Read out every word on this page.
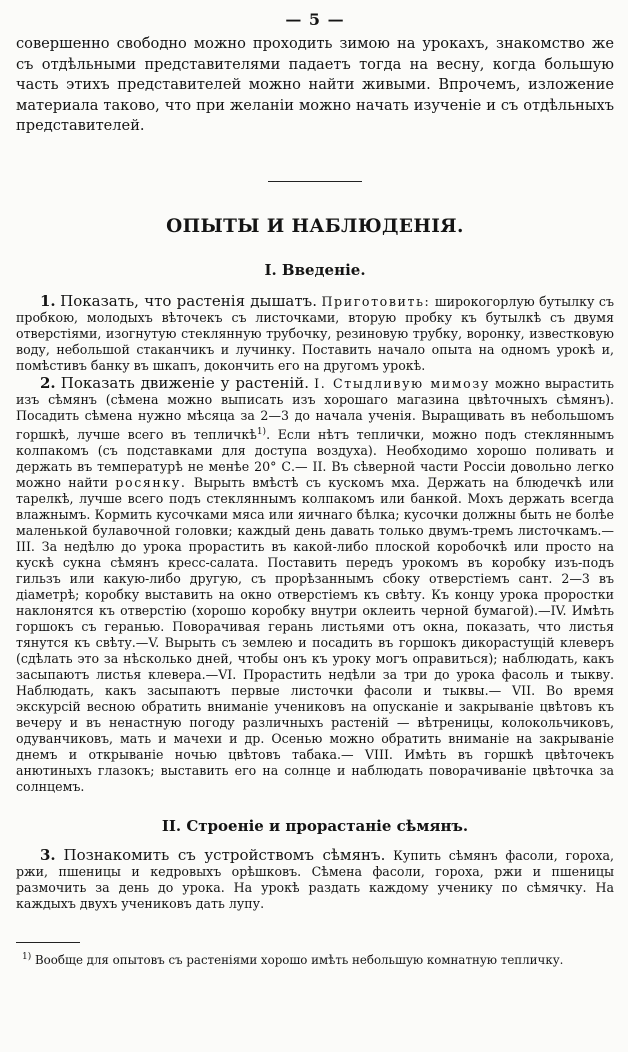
— 5 —

совершенно свободно можно проходить зимою на урокахъ, знакомство же съ отдѣльными представителями падаетъ тогда на весну, когда большую часть этихъ представителей можно найти живыми. Впрочемъ, изложение материала таково, что при желаніи можно начать изученіе и съ отдѣльныхъ представителей.

ОПЫТЫ И НАБЛЮДЕНІЯ.
I. Введеніе.

1. Показать, что растенія дышатъ. Приготовить: широкогорлую бутылку съ пробкою, молодыхъ вѣточекъ съ листочками, вторую пробку къ бутылкѣ съ двумя отверстіями, изогнутую стеклянную трубочку, резиновую трубку, воронку, известковую воду, небольшой стаканчикъ и лучинку. Поставить начало опыта на одномъ урокѣ и, помѣстивъ банку въ шкапъ, докончить его на другомъ урокѣ.

2. Показать движеніе у растеній. I. Стыдливую мимозу можно вырастить изъ сѣмянъ (сѣмена можно выписать изъ хорошаго магазина цвѣточныхъ сѣмянъ). Посадить сѣмена нужно мѣсяца за 2—3 до начала ученія. Выращивать въ небольшомъ горшкѣ, лучше всего въ тепличкѣ$^{1)}$. Если нѣтъ теплички, можно подъ стекляннымъ колпакомъ (съ подставками для доступа воздуха). Необходимо хорошо поливать и держать въ температурѣ не менѣе 20° С.— II. Въ сѣверной части Россіи довольно легко можно найти росянку. Вырыть вмѣстѣ съ кускомъ мха. Держать на блюдечкѣ или тарелкѣ, лучше всего подъ стекляннымъ колпакомъ или банкой. Мохъ держать всегда влажнымъ. Кормить кусочками мяса или яичнаго бѣлка; кусочки должны быть не болѣе маленькой булавочной головки; каждый день давать только двумъ-тремъ листочкамъ.— III. За недѣлю до урока прорастить въ какой-либо плоской коробочкѣ или просто на кускѣ сукна сѣмянъ кресс-салата. Поставить передъ урокомъ въ коробку изъ-подъ гильзъ или какую-либо другую, съ прорѣзаннымъ сбоку отверстіемъ сант. 2—3 въ діаметрѣ; коробку выставить на окно отверстіемъ къ свѣту. Къ концу урока проростки наклонятся къ отверстію (хорошо коробку внутри оклеить черной бумагой).—IV. Имѣть горшокъ съ геранью. Поворачивая герань листьями отъ окна, показать, что листья тянутся къ свѣту.—V. Вырыть съ землею и посадить въ горшокъ дикорастущій клеверъ (сдѣлать это за нѣсколько дней, чтобы онъ къ уроку могъ оправиться); наблюдать, какъ засыпаютъ листья клевера.—VI. Прорастить недѣли за три до урока фасоль и тыкву. Наблюдать, какъ засыпаютъ первые листочки фасоли и тыквы.— VII. Во время экскурсій весною обратить вниманіе учениковъ на опусканіе и закрываніе цвѣтовъ къ вечеру и въ ненастную погоду различныхъ растеній — вѣтреницы, колокольчиковъ, одуванчиковъ, мать и мачехи и др. Осенью можно обратить вниманіе на закрываніе днемъ и открываніе ночью цвѣтовъ табака.— VIII. Имѣть въ горшкѣ цвѣточекъ анютиныхъ глазокъ; выставить его на солнце и наблюдать поворачиваніе цвѣточка за солнцемъ.

II. Строеніе и прорастаніе сѣмянъ.

3. Познакомить съ устройствомъ сѣмянъ. Купить сѣмянъ фасоли, гороха, ржи, пшеницы и кедровыхъ орѣшковъ. Сѣмена фасоли, гороха, ржи и пшеницы размочить за день до урока. На урокѣ раздать каждому ученику по сѣмячку. На каждыхъ двухъ учениковъ дать лупу.

$^{1)}$ Вообще для опытовъ съ растеніями хорошо имѣть небольшую комнатную тепличку.
